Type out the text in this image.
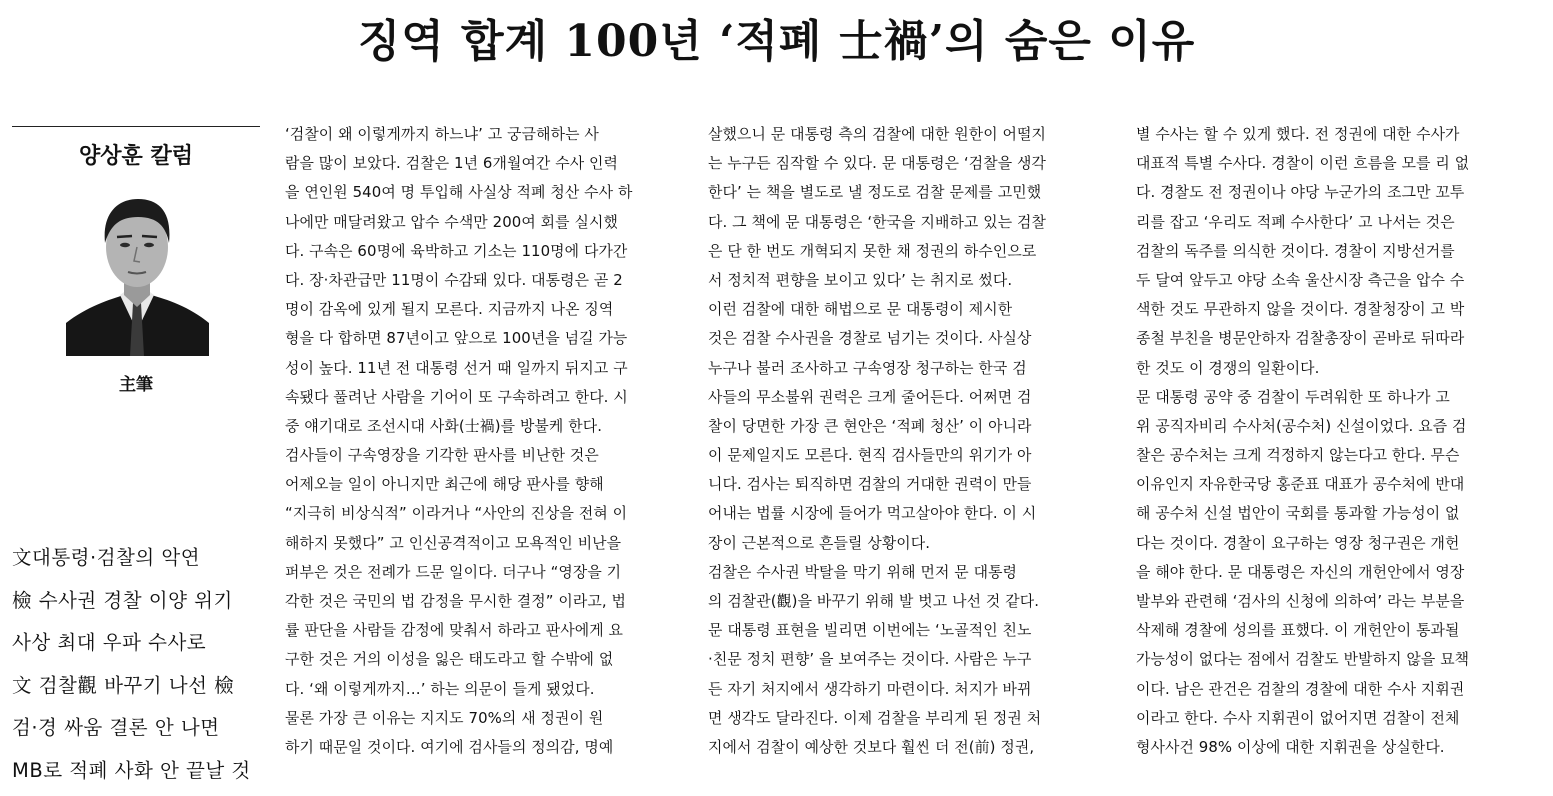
징역 합계 100년 ‘적폐 士禍’의 숨은 이유
양상훈 칼럼
主筆
文대통령·검찰의 악연
檢 수사권 경찰 이양 위기
사상 최대 우파 수사로
文 검찰觀 바꾸기 나선 檢
검·경 싸움 결론 안 나면
MB로 적폐 사화 안 끝날 것
‘검찰이 왜 이렇게까지 하느냐’ 고 궁금해하는 사
람을 많이 보았다. 검찰은 1년 6개월여간 수사 인력
을 연인원 540여 명 투입해 사실상 적폐 청산 수사 하
나에만 매달려왔고 압수 수색만 200여 회를 실시했
다. 구속은 60명에 육박하고 기소는 110명에 다가간
다. 장·차관급만 11명이 수감돼 있다. 대통령은 곧 2
명이 감옥에 있게 될지 모른다. 지금까지 나온 징역
형을 다 합하면 87년이고 앞으로 100년을 넘길 가능
성이 높다. 11년 전 대통령 선거 때 일까지 뒤지고 구
속됐다 풀려난 사람을 기어이 또 구속하려고 한다. 시
중 얘기대로 조선시대 사화(士禍)를 방불케 한다.
검사들이 구속영장을 기각한 판사를 비난한 것은
어제오늘 일이 아니지만 최근에 해당 판사를 향해
“지극히 비상식적” 이라거나 “사안의 진상을 전혀 이
해하지 못했다” 고 인신공격적이고 모욕적인 비난을
퍼부은 것은 전례가 드문 일이다. 더구나 “영장을 기
각한 것은 국민의 법 감정을 무시한 결정” 이라고, 법
률 판단을 사람들 감정에 맞춰서 하라고 판사에게 요
구한 것은 거의 이성을 잃은 태도라고 할 수밖에 없
다. ‘왜 이렇게까지…’ 하는 의문이 들게 됐었다.
물론 가장 큰 이유는 지지도 70%의 새 정권이 원
하기 때문일 것이다. 여기에 검사들의 정의감, 명예
살했으니 문 대통령 측의 검찰에 대한 원한이 어떨지
는 누구든 짐작할 수 있다. 문 대통령은 ‘검찰을 생각
한다’ 는 책을 별도로 낼 정도로 검찰 문제를 고민했
다. 그 책에 문 대통령은 ‘한국을 지배하고 있는 검찰
은 단 한 번도 개혁되지 못한 채 정권의 하수인으로
서 정치적 편향을 보이고 있다’ 는 취지로 썼다.
이런 검찰에 대한 해법으로 문 대통령이 제시한
것은 검찰 수사권을 경찰로 넘기는 것이다. 사실상
누구나 불러 조사하고 구속영장 청구하는 한국 검
사들의 무소불위 권력은 크게 줄어든다. 어쩌면 검
찰이 당면한 가장 큰 현안은 ‘적폐 청산’ 이 아니라
이 문제일지도 모른다. 현직 검사들만의 위기가 아
니다. 검사는 퇴직하면 검찰의 거대한 권력이 만들
어내는 법률 시장에 들어가 먹고살아야 한다. 이 시
장이 근본적으로 흔들릴 상황이다.
검찰은 수사권 박탈을 막기 위해 먼저 문 대통령
의 검찰관(觀)을 바꾸기 위해 발 벗고 나선 것 같다.
문 대통령 표현을 빌리면 이번에는 ‘노골적인 친노
·친문 정치 편향’ 을 보여주는 것이다. 사람은 누구
든 자기 처지에서 생각하기 마련이다. 처지가 바뀌
면 생각도 달라진다. 이제 검찰을 부리게 된 정권 처
지에서 검찰이 예상한 것보다 훨씬 더 전(前) 정권,
별 수사는 할 수 있게 했다. 전 정권에 대한 수사가
대표적 특별 수사다. 경찰이 이런 흐름을 모를 리 없
다. 경찰도 전 정권이나 야당 누군가의 조그만 꼬투
리를 잡고 ‘우리도 적폐 수사한다’ 고 나서는 것은
검찰의 독주를 의식한 것이다. 경찰이 지방선거를
두 달여 앞두고 야당 소속 울산시장 측근을 압수 수
색한 것도 무관하지 않을 것이다. 경찰청장이 고 박
종철 부친을 병문안하자 검찰총장이 곧바로 뒤따라
한 것도 이 경쟁의 일환이다.
문 대통령 공약 중 검찰이 두려워한 또 하나가 고
위 공직자비리 수사처(공수처) 신설이었다. 요즘 검
찰은 공수처는 크게 걱정하지 않는다고 한다. 무슨
이유인지 자유한국당 홍준표 대표가 공수처에 반대
해 공수처 신설 법안이 국회를 통과할 가능성이 없
다는 것이다. 경찰이 요구하는 영장 청구권은 개헌
을 해야 한다. 문 대통령은 자신의 개헌안에서 영장
발부와 관련해 ‘검사의 신청에 의하여’ 라는 부분을
삭제해 경찰에 성의를 표했다. 이 개헌안이 통과될
가능성이 없다는 점에서 검찰도 반발하지 않을 묘책
이다. 남은 관건은 검찰의 경찰에 대한 수사 지휘권
이라고 한다. 수사 지휘권이 없어지면 검찰이 전체
형사사건 98% 이상에 대한 지휘권을 상실한다.
